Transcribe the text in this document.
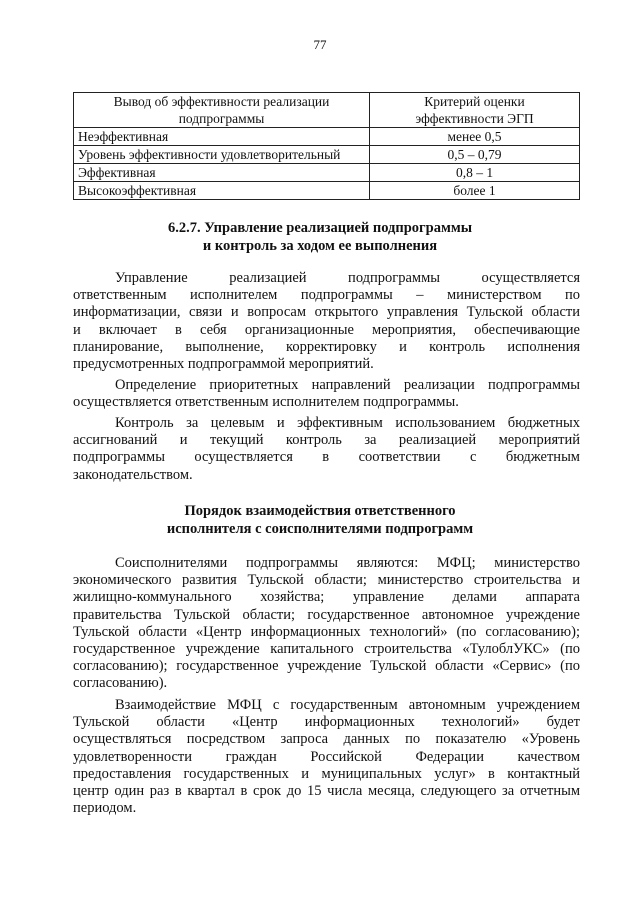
77
Вывод об эффективности реализации
подпрограммы	Критерий оценки
эффективности ЭГП

Неэффективная	менее 0,5
Уровень эффективности удовлетворительный	0,5 – 0,79
Эффективная	0,8 – 1
Высокоэффективная	более 1
6.2.7. Управление реализацией подпрограммы
и контроль за ходом ее выполнения
Управление реализацией подпрограммы осуществляется
ответственным исполнителем подпрограммы – министерством по
информатизации, связи и вопросам открытого управления Тульской области
и включает в себя организационные мероприятия, обеспечивающие
планирование, выполнение, корректировку и контроль исполнения
предусмотренных подпрограммой мероприятий.
Определение приоритетных направлений реализации подпрограммы
осуществляется ответственным исполнителем подпрограммы.
Контроль за целевым и эффективным использованием бюджетных
ассигнований и текущий контроль за реализацией мероприятий
подпрограммы осуществляется в соответствии с бюджетным
законодательством.
Порядок взаимодействия ответственного
исполнителя с соисполнителями подпрограмм
Соисполнителями подпрограммы являются: МФЦ; министерство
экономического развития Тульской области; министерство строительства и
жилищно-коммунального хозяйства; управление делами аппарата
правительства Тульской области; государственное автономное учреждение
Тульской области «Центр информационных технологий» (по согласованию);
государственное учреждение капитального строительства «ТулоблУКС» (по
согласованию); государственное учреждение Тульской области «Сервис» (по
согласованию).
Взаимодействие МФЦ с государственным автономным учреждением
Тульской области «Центр информационных технологий» будет
осуществляться посредством запроса данных по показателю «Уровень
удовлетворенности граждан Российской Федерации качеством
предоставления государственных и муниципальных услуг» в контактный
центр один раз в квартал в срок до 15 числа месяца, следующего за отчетным
периодом.
